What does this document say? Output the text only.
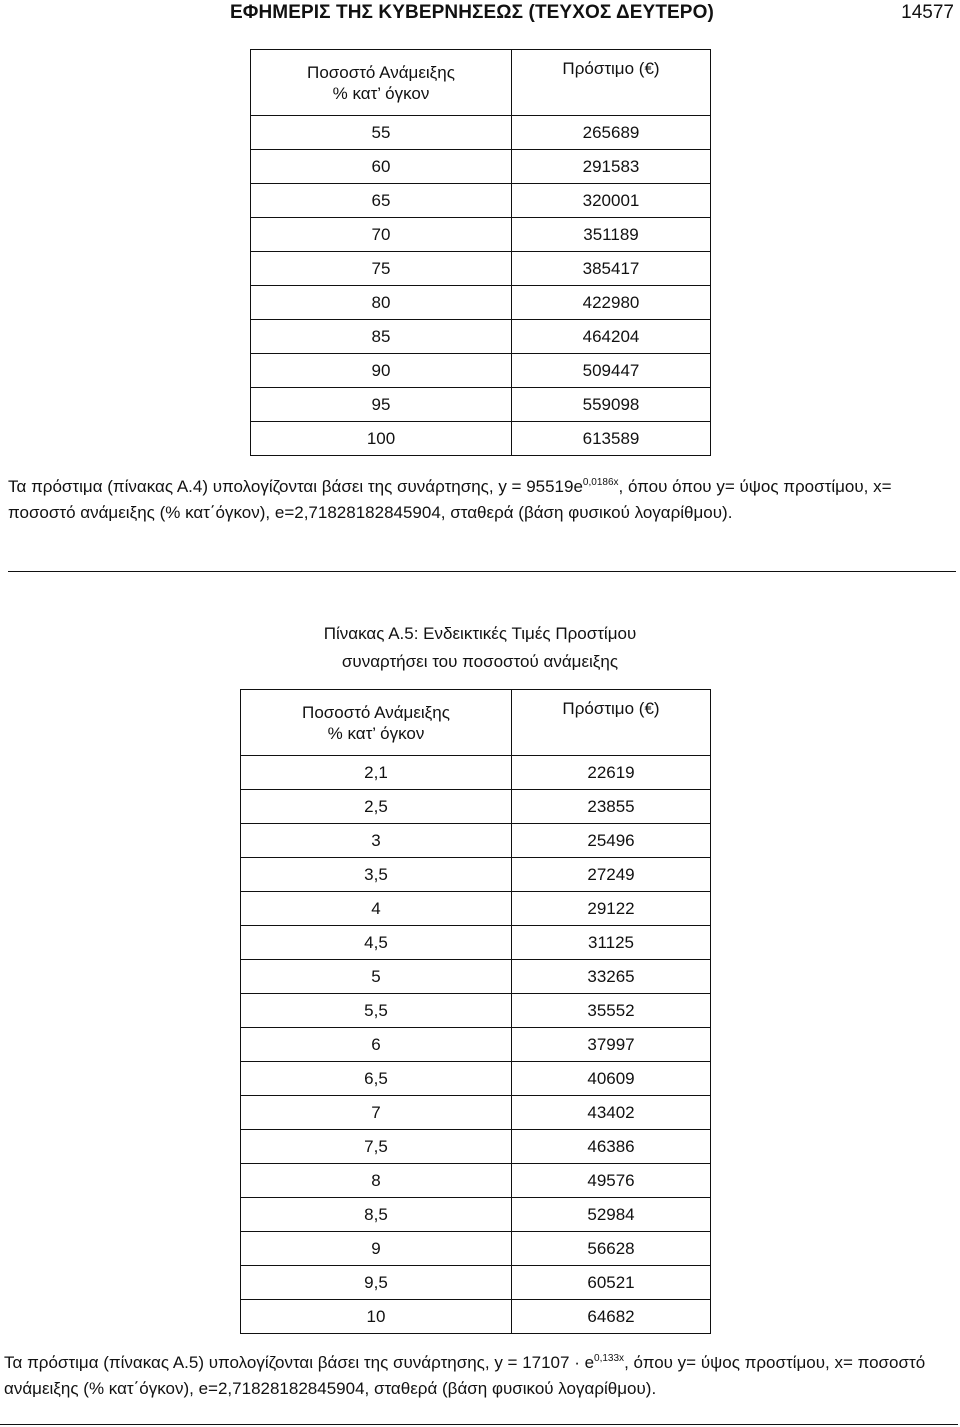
ΕΦΗΜΕΡΙΣ ΤΗΣ ΚΥΒΕΡΝΗΣΕΩΣ (ΤΕΥΧΟΣ ΔΕΥΤΕΡΟ)	14577
Ποσοστό Ανάμειξης
% κατ’ όγκον	Πρόστιμο (€)
55	265689
60	291583
65	320001
70	351189
75	385417
80	422980
85	464204
90	509447
95	559098
100	613589

Τα πρόστιμα (πίνακας Α.4) υπολογίζονται βάσει της συνάρτησης, $y = 95519e^{0,0186x}$, όπου όπου y= ύψος προστίμου, x= ποσοστό ανάμειξης (% κατ΄όγκον), e=2,71828182845904, σταθερά (βάση φυσικού λογαρίθμου).

Πίνακας Α.5: Ενδεικτικές Τιμές Προστίμου
συναρτήσει του ποσοστού ανάμειξης
Ποσοστό Ανάμειξης
% κατ’ όγκον	Πρόστιμο (€)
2,1	22619
2,5	23855
3	25496
3,5	27249
4	29122
4,5	31125
5	33265
5,5	35552
6	37997
6,5	40609
7	43402
7,5	46386
8	49576
8,5	52984
9	56628
9,5	60521
10	64682

Τα πρόστιμα (πίνακας Α.5) υπολογίζονται βάσει της συνάρτησης, $y = 17107 \cdot e^{0,133x}$, όπου y= ύψος προστίμου, x= ποσοστό ανάμειξης (% κατ΄όγκον), e=2,71828182845904, σταθερά (βάση φυσικού λογαρίθμου).
